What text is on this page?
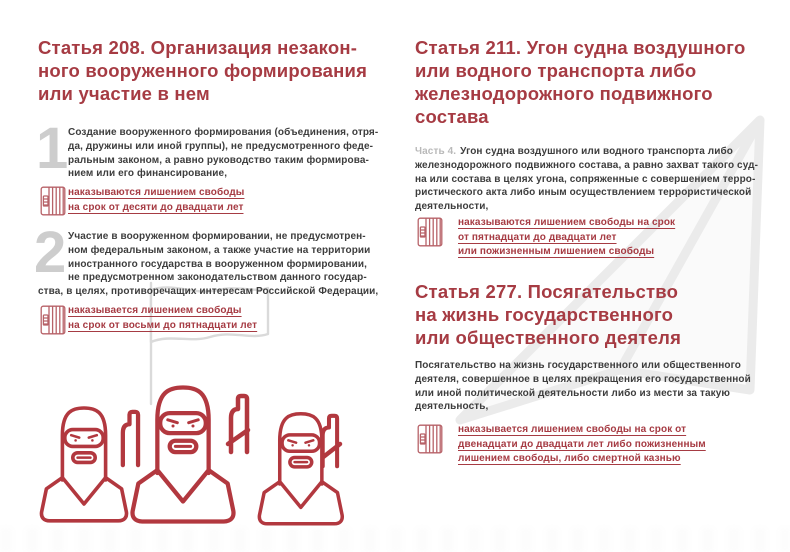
Статья 208. Организация незакон-
ного вооруженного формирования
или участие в нем
1 Создание вооруженного формирования (объединения, отря-
да, дружины или иной группы), не предусмотренного феде-
ральным законом, а равно руководство таким формирова-
нием или его финансирование,
наказываются лишением свободы
на срок от десяти до двадцати лет
2 Участие в вооруженном формировании, не предусмотрен-
ном федеральным законом, а также участие на территории
иностранного государства в вооруженном формировании,
не предусмотренном законодательством данного государ-
ства, в целях, противоречащих интересам Российской Федерации,
наказывается лишением свободы
на срок от восьми до пятнадцати лет
Статья 211. Угон судна воздушного
или водного транспорта либо
железнодорожного подвижного
состава
Часть 4. Угон судна воздушного или водного транспорта либо
железнодорожного подвижного состава, а равно захват такого суд-
на или состава в целях угона, сопряженные с совершением терро-
ристического акта либо иным осуществлением террористической
деятельности,
наказываются лишением свободы на срок
от пятнадцати до двадцати лет
или пожизненным лишением свободы
Статья 277. Посягательство
на жизнь государственного
или общественного деятеля
Посягательство на жизнь государственного или общественного
деятеля, совершенное в целях прекращения его государственной
или иной политической деятельности либо из мести за такую
деятельность,
наказывается лишением свободы на срок от
двенадцати до двадцати лет либо пожизненным
лишением свободы, либо смертной казнью
